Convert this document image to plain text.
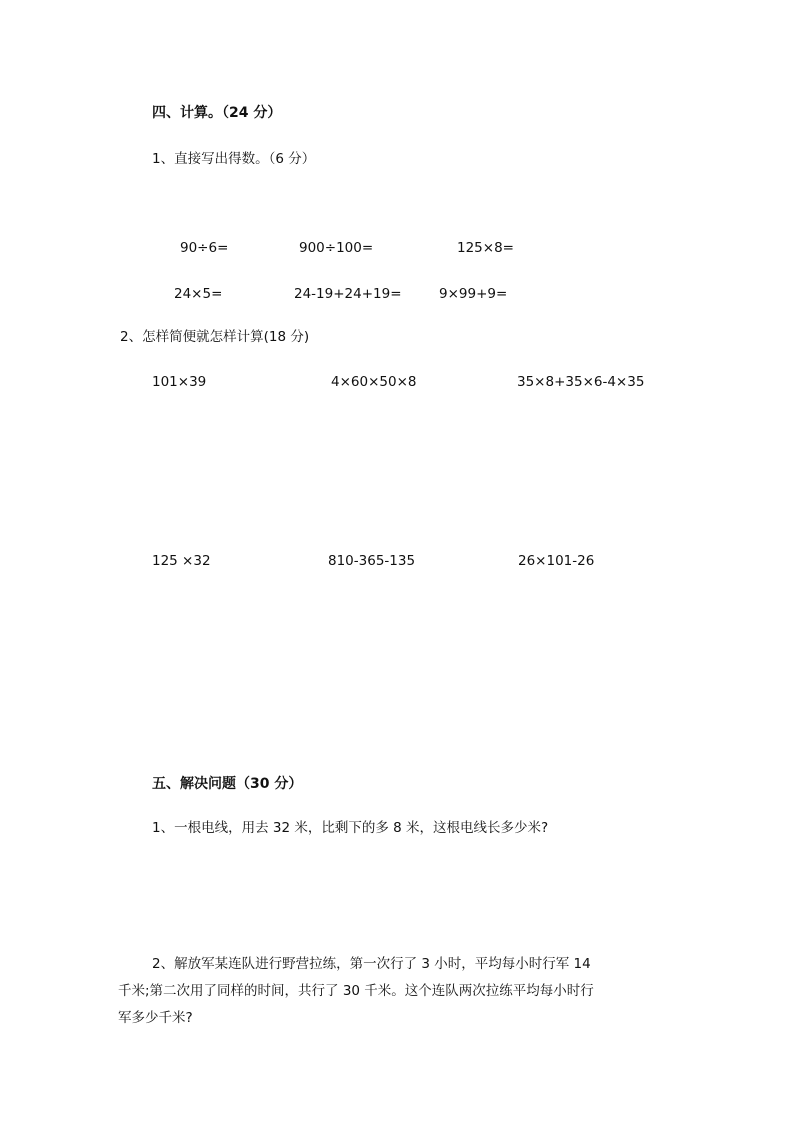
四、计算。（24 分）
1、直接写出得数。（6 分）
90÷6=	900÷100=	125×8=
24×5=	24-19+24+19=	9×99+9=
2、怎样简便就怎样计算(18 分)
101×39	4×60×50×8	35×8+35×6-4×35
125 ×32	810-365-135	26×101-26
五、解决问题（30 分）
1、一根电线，用去 32 米，比剩下的多 8 米，这根电线长多少米?
2、解放军某连队进行野营拉练，第一次行了 3 小时，平均每小时行军 14
千米;第二次用了同样的时间，共行了 30 千米。这个连队两次拉练平均每小时行
军多少千米?
